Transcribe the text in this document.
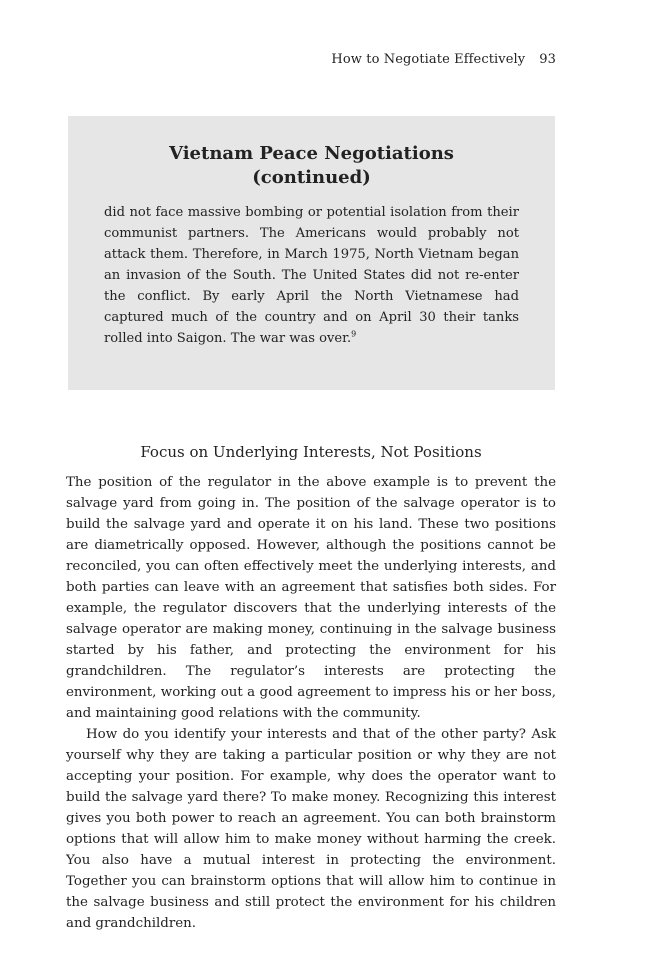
How to Negotiate Effectively 93
Vietnam Peace Negotiations
(continued)

did not face massive bombing or potential isolation from their communist partners. The Americans would probably not attack them. Therefore, in March 1975, North Vietnam began an invasion of the South. The United States did not re-enter the conflict. By early April the North Vietnamese had captured much of the country and on April 30 their tanks rolled into Saigon. The war was over.$^9$

Focus on Underlying Interests, Not Positions

The position of the regulator in the above example is to prevent the salvage yard from going in. The position of the salvage operator is to build the salvage yard and operate it on his land. These two positions are diametrically opposed. However, although the positions cannot be reconciled, you can often effectively meet the underlying interests, and both parties can leave with an agreement that satisfies both sides. For example, the regulator discovers that the underlying interests of the salvage operator are making money, continuing in the salvage business started by his father, and protecting the environment for his grandchildren. The regulator’s interests are protecting the environment, working out a good agreement to impress his or her boss, and maintaining good relations with the community.

How do you identify your interests and that of the other party? Ask yourself why they are taking a particular position or why they are not accepting your position. For example, why does the operator want to build the salvage yard there? To make money. Recognizing this interest gives you both power to reach an agreement. You can both brainstorm options that will allow him to make money without harming the creek. You also have a mutual interest in protecting the environment. Together you can brainstorm options that will allow him to continue in the salvage business and still protect the environment for his children and grandchildren.
